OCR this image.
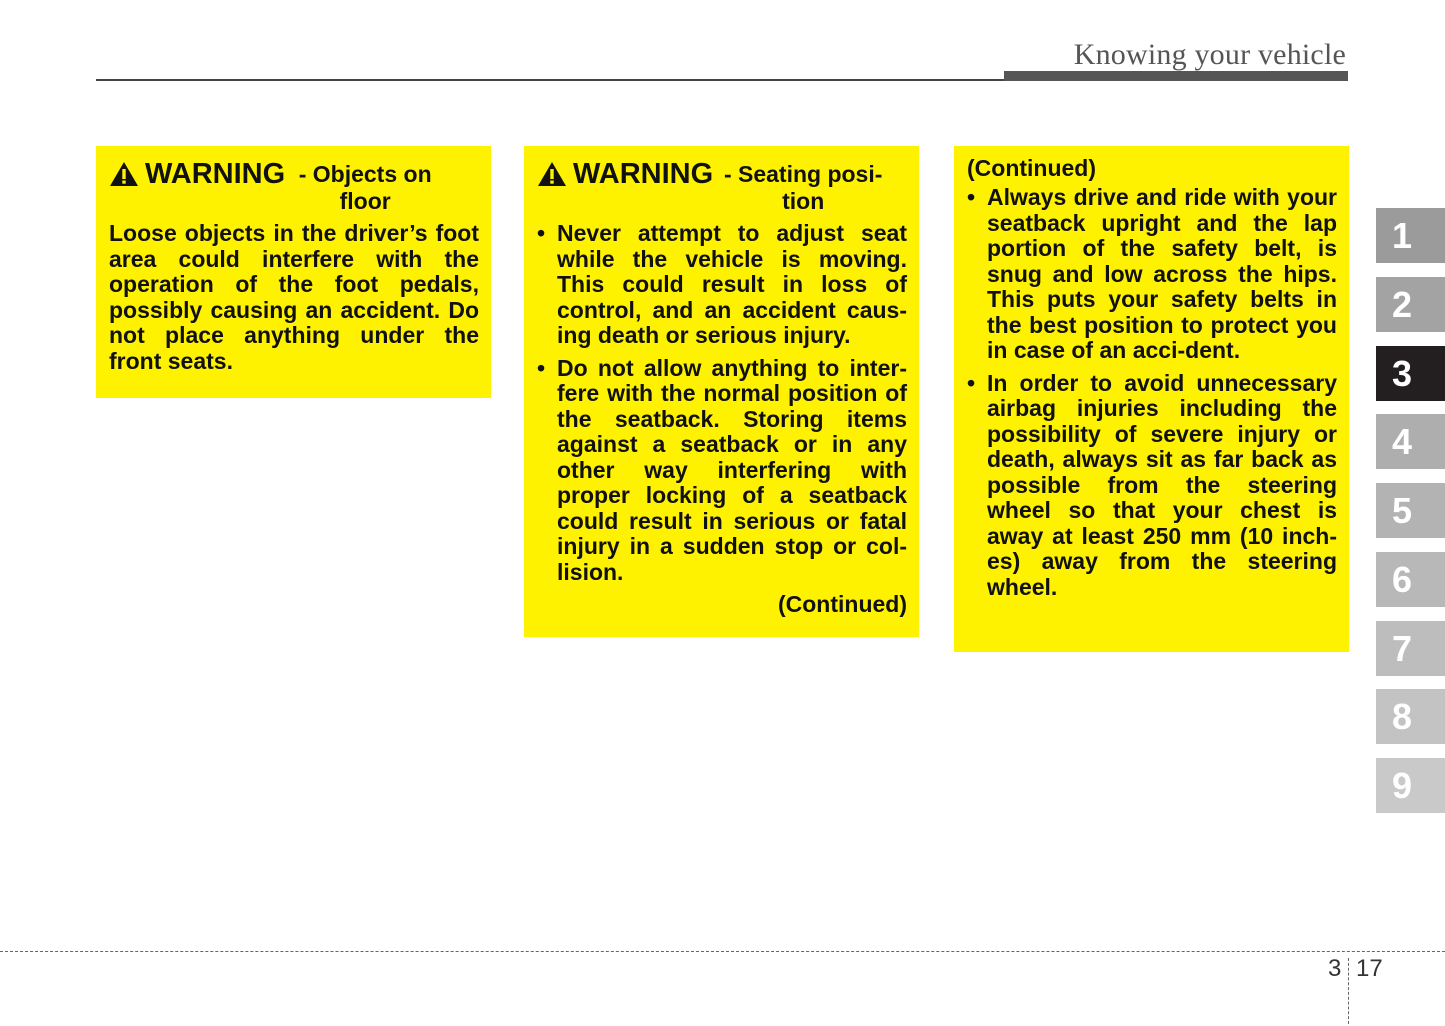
Knowing your vehicle
WARNING - Objects on floor
Loose objects in the driver’s foot area could interfere with the operation of the foot pedals, possibly causing an accident. Do not place anything under the front seats.
WARNING - Seating posi-tion
• Never attempt to adjust seat while the vehicle is moving. This could result in loss of control, and an accident caus-ing death or serious injury.
• Do not allow anything to inter-fere with the normal position of the seatback. Storing items against a seatback or in any other way interfering with proper locking of a seatback could result in serious or fatal injury in a sudden stop or col-lision.
(Continued)
(Continued)
• Always drive and ride with your seatback upright and the lap portion of the safety belt, is snug and low across the hips. This puts your safety belts in the best position to protect you in case of an acci-dent.
• In order to avoid unnecessary airbag injuries including the possibility of severe injury or death, always sit as far back as possible from the steering wheel so that your chest is away at least 250 mm (10 inch-es) away from the steering wheel.
1
2
3
4
5
6
7
8
9
3 17
